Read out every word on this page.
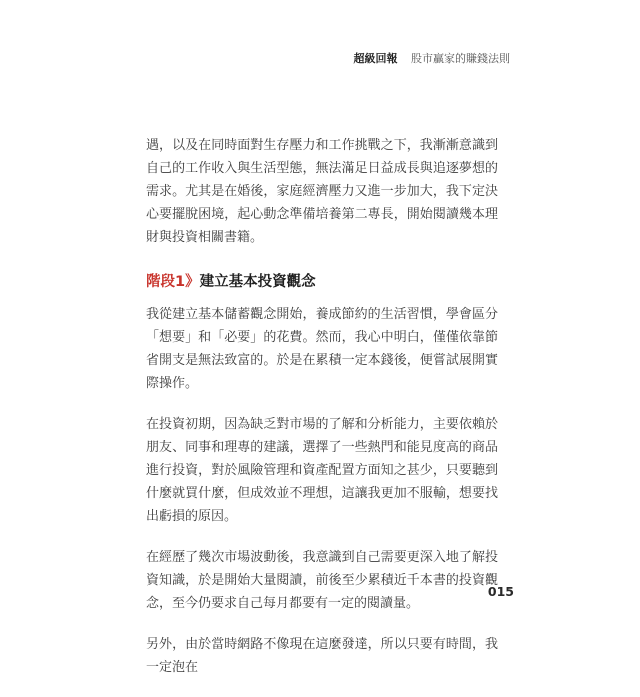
超級回報 股市贏家的賺錢法則

遇，以及在同時面對生存壓力和工作挑戰之下，我漸漸意識到自己的工作收入與生活型態，無法滿足日益成長與追逐夢想的需求。尤其是在婚後，家庭經濟壓力又進一步加大，我下定決心要擺脫困境，起心動念準備培養第二專長，開始閱讀幾本理財與投資相關書籍。

階段1》建立基本投資觀念

我從建立基本儲蓄觀念開始，養成節約的生活習慣，學會區分「想要」和「必要」的花費。然而，我心中明白，僅僅依靠節省開支是無法致富的。於是在累積一定本錢後，便嘗試展開實際操作。

在投資初期，因為缺乏對市場的了解和分析能力，主要依賴於朋友、同事和理專的建議，選擇了一些熱門和能見度高的商品進行投資，對於風險管理和資產配置方面知之甚少，只要聽到什麼就買什麼，但成效並不理想，這讓我更加不服輸，想要找出虧損的原因。

在經歷了幾次市場波動後，我意識到自己需要更深入地了解投資知識，於是開始大量閱讀，前後至少累積近千本書的投資觀念，至今仍要求自己每月都要有一定的閱讀量。

另外，由於當時網路不像現在這麼發達，所以只要有時間，我一定泡在

015
